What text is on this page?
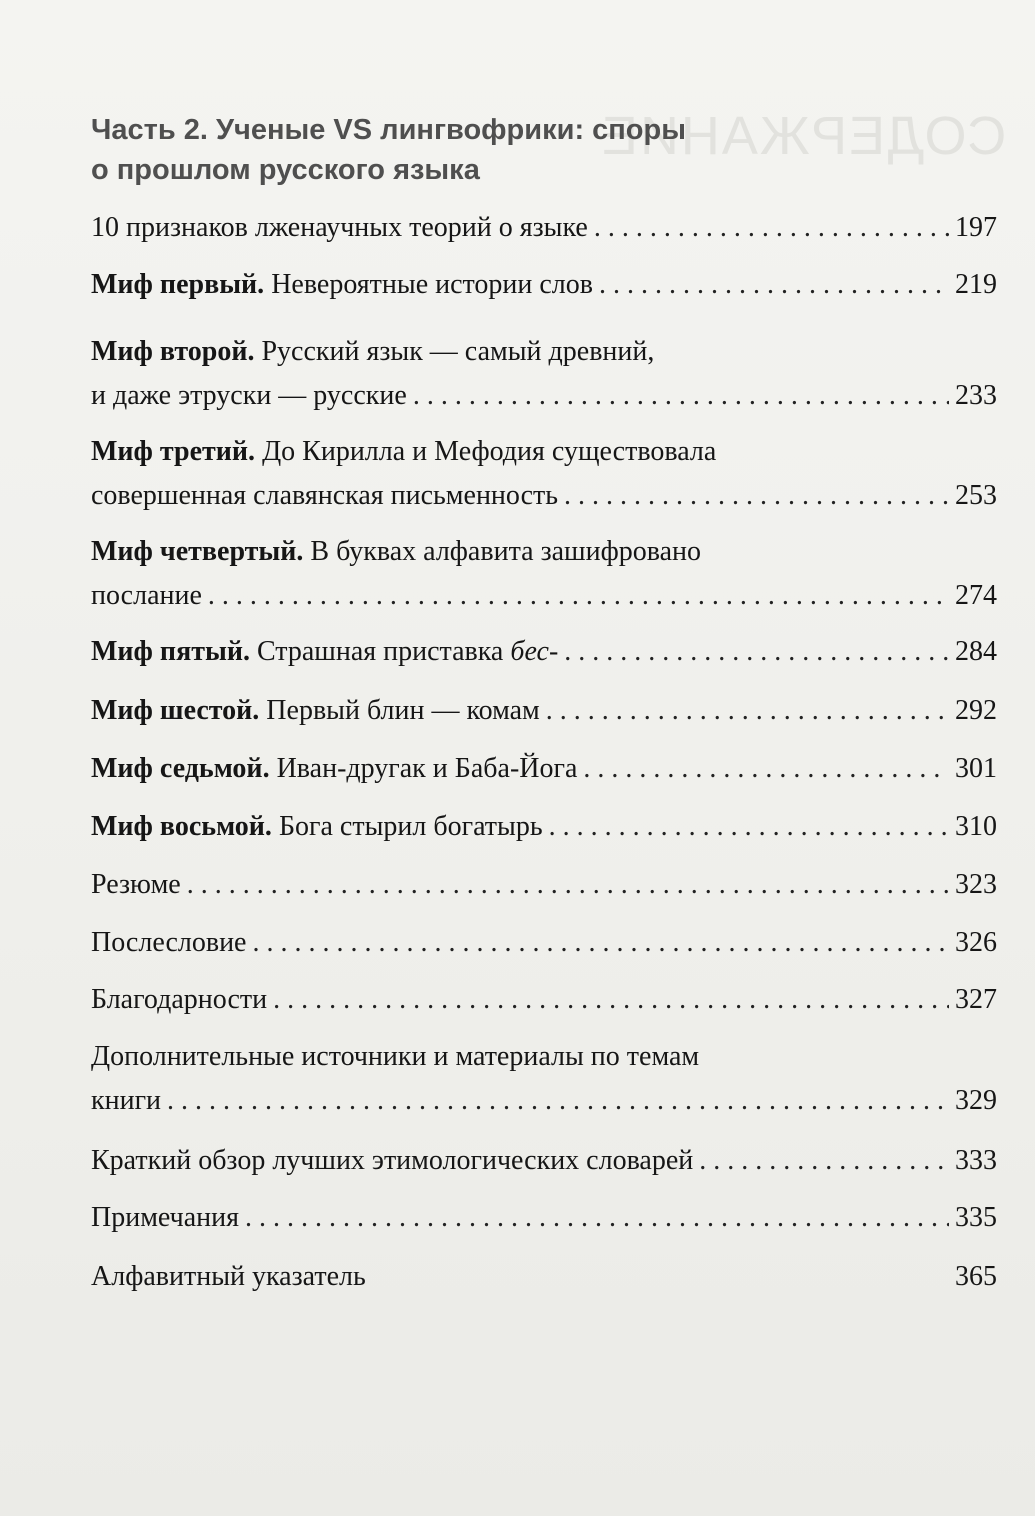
СОДЕРЖАНИЕ
Часть 2. Ученые VS лингвофрики: споры
о прошлом русского языка
10 признаков лженаучных теорий о языке . . .	197
Миф первый. Невероятные истории слов . . .	219
Миф второй. Русский язык — самый древний,
и даже этруски — русские . . .	233
Миф третий. До Кирилла и Мефодия существовала
совершенная славянская письменность . . .	253
Миф четвертый. В буквах алфавита зашифровано
послание . . .	274
Миф пятый. Страшная приставка бес- . . .	284
Миф шестой. Первый блин — комам . . .	292
Миф седьмой. Иван-другак и Баба-Йога . . .	301
Миф восьмой. Бога стырил богатырь . . .	310
Резюме . . .	323
Послесловие . . .	326
Благодарности . . .	327
Дополнительные источники и материалы по темам
книги . . .	329
Краткий обзор лучших этимологических словарей . . .	333
Примечания . . .	335
Алфавитный указатель	365
